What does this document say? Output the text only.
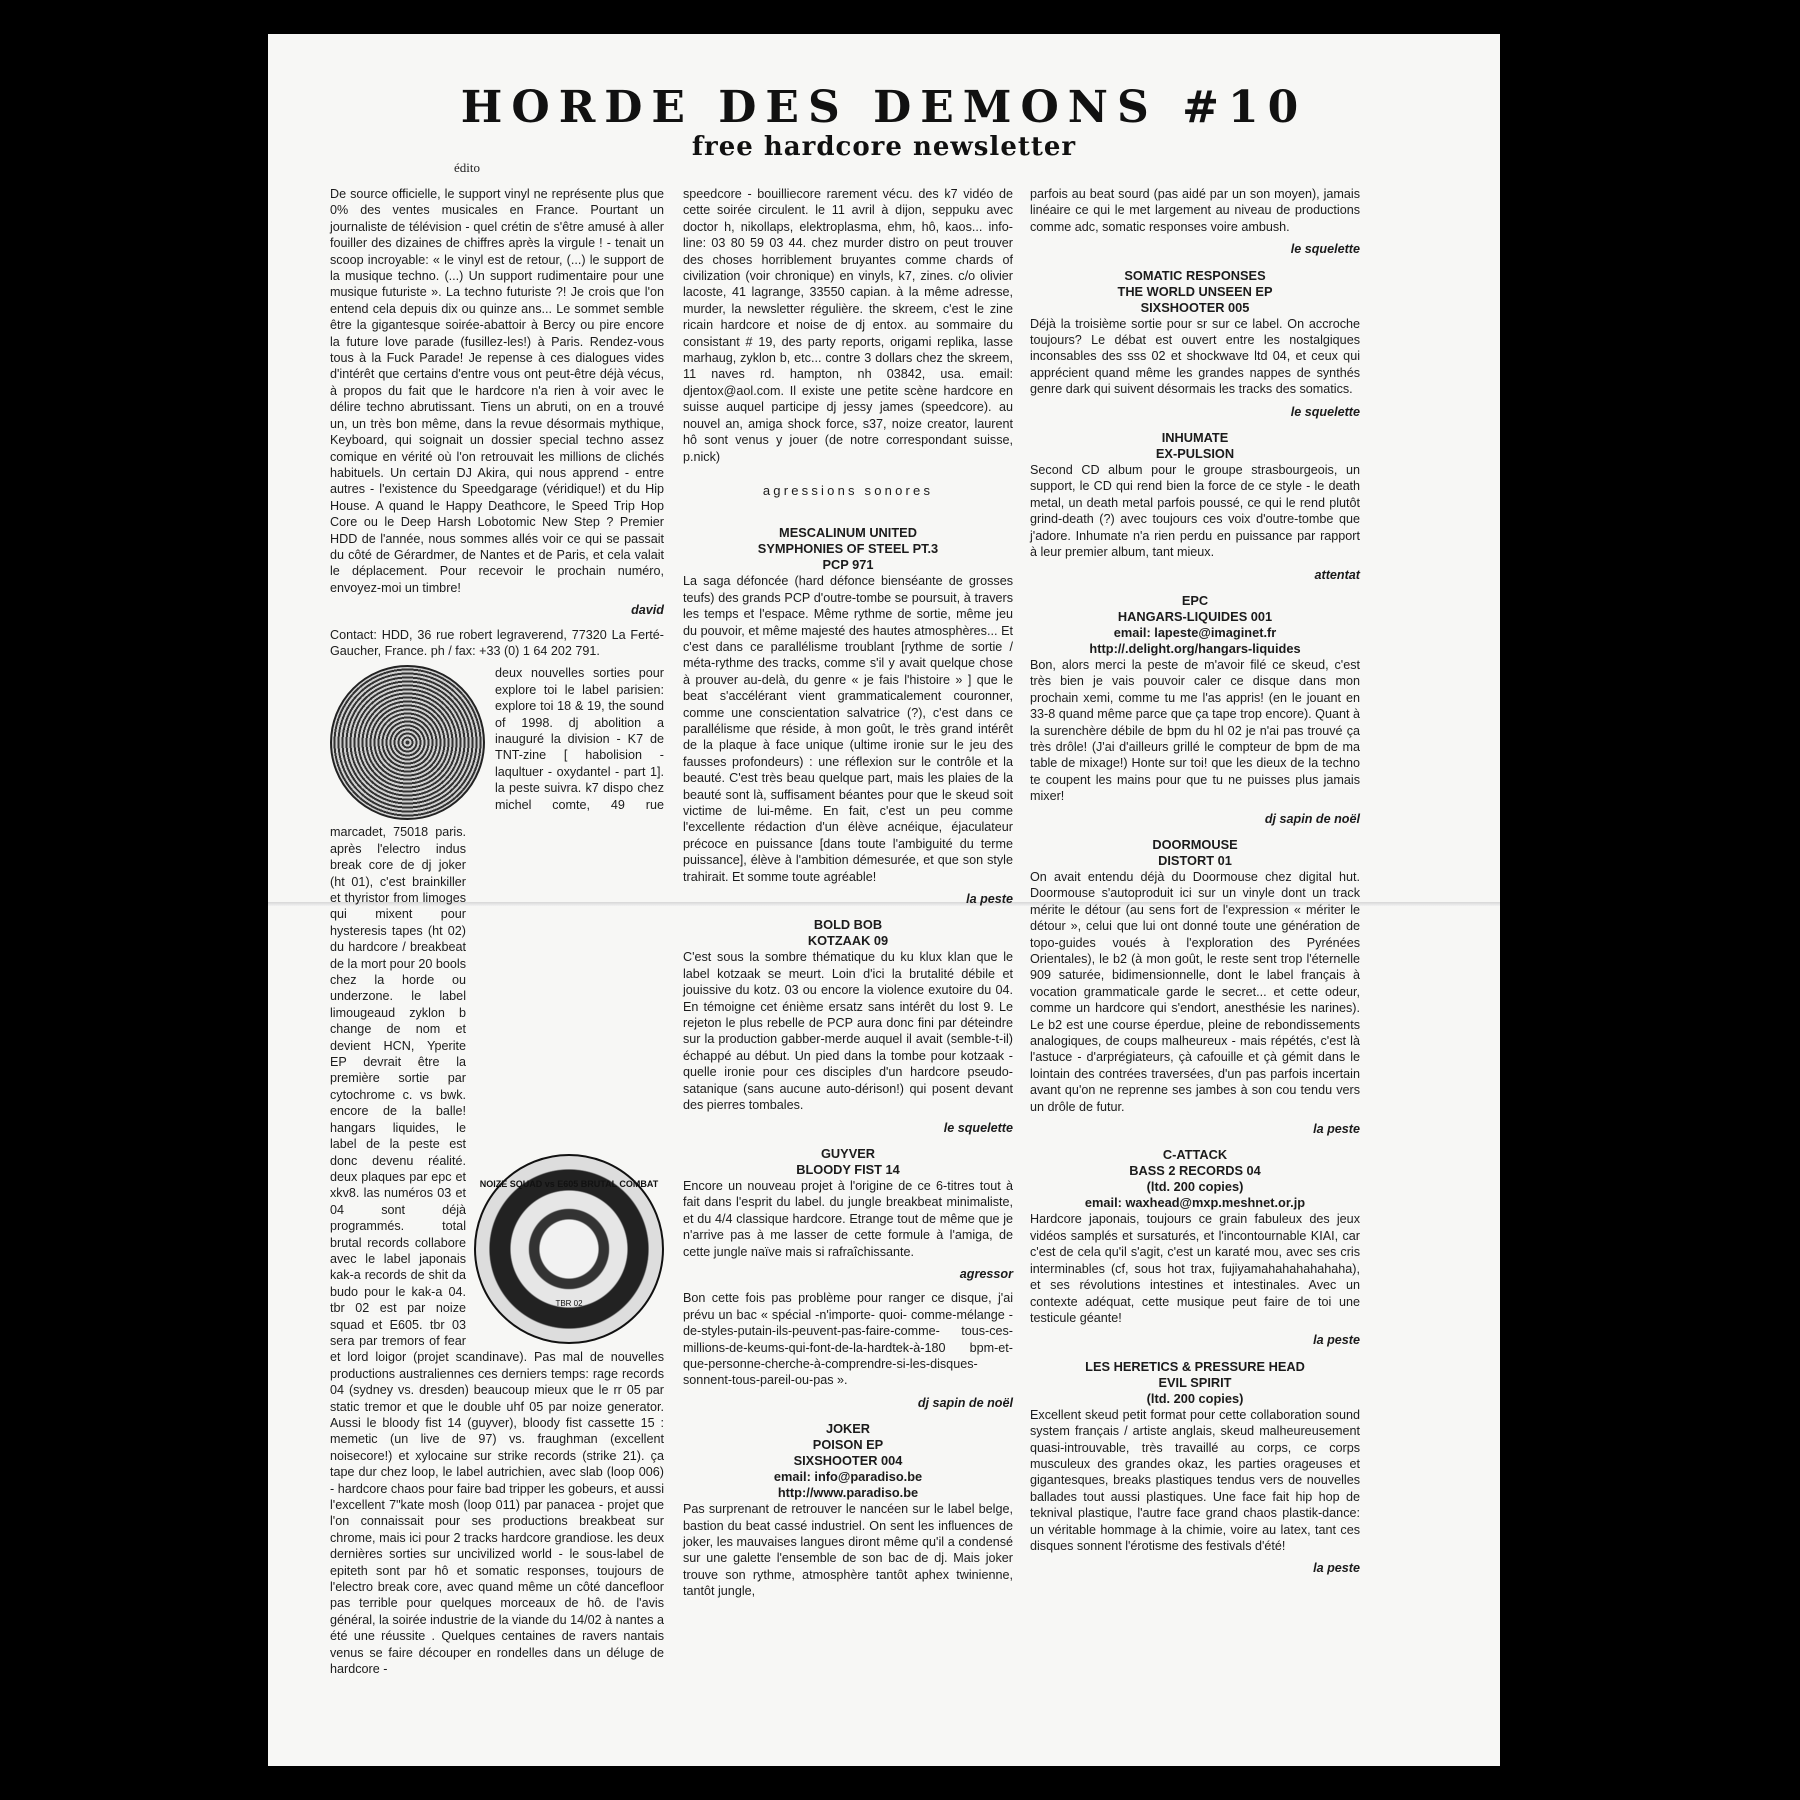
HORDE DES DEMONS #10
free hardcore newsletter
édito

De source officielle, le support vinyl ne représente plus que 0% des ventes musicales en France. Pourtant un journaliste de télévision - quel crétin de s'être amusé à aller fouiller des dizaines de chiffres après la virgule ! - tenait un scoop incroyable: « le vinyl est de retour, (...) le support de la musique techno. (...) Un support rudimentaire pour une musique futuriste ». La techno futuriste ?! Je crois que l'on entend cela depuis dix ou quinze ans... Le sommet semble être la gigantesque soirée-abattoir à Bercy ou pire encore la future love parade (fusillez-les!) à Paris. Rendez-vous tous à la Fuck Parade! Je repense à ces dialogues vides d'intérêt que certains d'entre vous ont peut-être déjà vécus, à propos du fait que le hardcore n'a rien à voir avec le délire techno abrutissant. Tiens un abruti, on en a trouvé un, un très bon même, dans la revue désormais mythique, Keyboard, qui soignait un dossier special techno assez comique en vérité où l'on retrouvait les millions de clichés habituels. Un certain DJ Akira, qui nous apprend - entre autres - l'existence du Speedgarage (véridique!) et du Hip House. A quand le Happy Deathcore, le Speed Trip Hop Core ou le Deep Harsh Lobotomic New Step ? Premier HDD de l'année, nous sommes allés voir ce qui se passait du côté de Gérardmer, de Nantes et de Paris, et cela valait le déplacement. Pour recevoir le prochain numéro, envoyez-moi un timbre!

david

Contact: HDD, 36 rue robert legraverend, 77320 La Ferté-Gaucher, France. ph / fax: +33 (0) 1 64 202 791.

NOIZE SQUAD vs E605 BRUTAL COMBAT
TBR 02

deux nouvelles sorties pour explore toi le label parisien: explore toi 18 & 19, the sound of 1998. dj abolition a inauguré la division - K7 de TNT-zine [ habolision - laqultuer - oxydantel - part 1]. la peste suivra. k7 dispo chez michel comte, 49 rue marcadet, 75018 paris. après l'electro indus break core de dj joker (ht 01), c'est brainkiller et thyristor from limoges qui mixent pour hysteresis tapes (ht 02) du hardcore / breakbeat de la mort pour 20 bools chez la horde ou underzone. le label limougeaud zyklon b change de nom et devient HCN, Yperite EP devrait être la première sortie par cytochrome c. vs bwk. encore de la balle! hangars liquides, le label de la peste est donc devenu réalité. deux plaques par epc et xkv8. las numéros 03 et 04 sont déjà programmés. total brutal records collabore avec le label japonais kak-a records de shit da budo pour le kak-a 04. tbr 02 est par noize squad et E605. tbr 03 sera par tremors of fear et lord loigor (projet scandinave). Pas mal de nouvelles productions australiennes ces derniers temps: rage records 04 (sydney vs. dresden) beaucoup mieux que le rr 05 par static tremor et que le double uhf 05 par noize generator. Aussi le bloody fist 14 (guyver), bloody fist cassette 15 : memetic (un live de 97) vs. fraughman (excellent noisecore!) et xylocaine sur strike records (strike 21). ça tape dur chez loop, le label autrichien, avec slab (loop 006) - hardcore chaos pour faire bad tripper les gobeurs, et aussi l'excellent 7"kate mosh (loop 011) par panacea - projet que l'on connaissait pour ses productions breakbeat sur chrome, mais ici pour 2 tracks hardcore grandiose. les deux dernières sorties sur uncivilized world - le sous-label de epiteth sont par hô et somatic responses, toujours de l'electro break core, avec quand même un côté dancefloor pas terrible pour quelques morceaux de hô. de l'avis général, la soirée industrie de la viande du 14/02 à nantes a été une réussite . Quelques centaines de ravers nantais venus se faire découper en rondelles dans un déluge de hardcore -

speedcore - bouilliecore rarement vécu. des k7 vidéo de cette soirée circulent. le 11 avril à dijon, seppuku avec doctor h, nikollaps, elektroplasma, ehm, hô, kaos... info-line: 03 80 59 03 44. chez murder distro on peut trouver des choses horriblement bruyantes comme chards of civilization (voir chronique) en vinyls, k7, zines. c/o olivier lacoste, 41 lagrange, 33550 capian. à la même adresse, murder, la newsletter régulière. the skreem, c'est le zine ricain hardcore et noise de dj entox. au sommaire du consistant # 19, des party reports, origami replika, lasse marhaug, zyklon b, etc... contre 3 dollars chez the skreem, 11 naves rd. hampton, nh 03842, usa. email: djentox@aol.com. Il existe une petite scène hardcore en suisse auquel participe dj jessy james (speedcore). au nouvel an, amiga shock force, s37, noize creator, laurent hô sont venus y jouer (de notre correspondant suisse, p.nick)

agressions sonores
MESCALINUM UNITED
SYMPHONIES OF STEEL PT.3
PCP 971

La saga défoncée (hard défonce bienséante de grosses teufs) des grands PCP d'outre-tombe se poursuit, à travers les temps et l'espace. Même rythme de sortie, même jeu du pouvoir, et même majesté des hautes atmosphères... Et c'est dans ce parallélisme troublant [rythme de sortie / méta-rythme des tracks, comme s'il y avait quelque chose à prouver au-delà, du genre « je fais l'histoire » ] que le beat s'accélérant vient grammaticalement couronner, comme une conscientation salvatrice (?), c'est dans ce parallélisme que réside, à mon goût, le très grand intérêt de la plaque à face unique (ultime ironie sur le jeu des fausses profondeurs) : une réflexion sur le contrôle et la beauté. C'est très beau quelque part, mais les plaies de la beauté sont là, suffisament béantes pour que le skeud soit victime de lui-même. En fait, c'est un peu comme l'excellente rédaction d'un élève acnéique, éjaculateur précoce en puissance [dans toute l'ambiguité du terme puissance], élève à l'ambition démesurée, et que son style trahirait. Et somme toute agréable!

la peste
BOLD BOB
KOTZAAK 09

C'est sous la sombre thématique du ku klux klan que le label kotzaak se meurt. Loin d'ici la brutalité débile et jouissive du kotz. 03 ou encore la violence exutoire du 04. En témoigne cet énième ersatz sans intérêt du lost 9. Le rejeton le plus rebelle de PCP aura donc fini par déteindre sur la production gabber-merde auquel il avait (semble-t-il) échappé au début. Un pied dans la tombe pour kotzaak - quelle ironie pour ces disciples d'un hardcore pseudo-satanique (sans aucune auto-dérison!) qui posent devant des pierres tombales.

le squelette
GUYVER
BLOODY FIST 14

Encore un nouveau projet à l'origine de ce 6-titres tout à fait dans l'esprit du label. du jungle breakbeat minimaliste, et du 4/4 classique hardcore. Etrange tout de même que je n'arrive pas à me lasser de cette formule à l'amiga, de cette jungle naïve mais si rafraîchissante.

agressor

Bon cette fois pas problème pour ranger ce disque, j'ai prévu un bac « spécial -n'importe- quoi- comme-mélange - de-styles-putain-ils-peuvent-pas-faire-comme- tous-ces-millions-de-keums-qui-font-de-la-hardtek-à-180 bpm-et-que-personne-cherche-à-comprendre-si-les-disques-sonnent-tous-pareil-ou-pas ».

dj sapin de noël
JOKER
POISON EP
SIXSHOOTER 004
email: info@paradiso.be
http://www.paradiso.be

Pas surprenant de retrouver le nancéen sur le label belge, bastion du beat cassé industriel. On sent les influences de joker, les mauvaises langues diront même qu'il a condensé sur une galette l'ensemble de son bac de dj. Mais joker trouve son rythme, atmosphère tantôt aphex twinienne, tantôt jungle,

parfois au beat sourd (pas aidé par un son moyen), jamais linéaire ce qui le met largement au niveau de productions comme adc, somatic responses voire ambush.

le squelette
SOMATIC RESPONSES
THE WORLD UNSEEN EP
SIXSHOOTER 005

Déjà la troisième sortie pour sr sur ce label. On accroche toujours? Le débat est ouvert entre les nostalgiques inconsables des sss 02 et shockwave ltd 04, et ceux qui apprécient quand même les grandes nappes de synthés genre dark qui suivent désormais les tracks des somatics.

le squelette
INHUMATE
EX-PULSION

Second CD album pour le groupe strasbourgeois, un support, le CD qui rend bien la force de ce style - le death metal, un death metal parfois poussé, ce qui le rend plutôt grind-death (?) avec toujours ces voix d'outre-tombe que j'adore. Inhumate n'a rien perdu en puissance par rapport à leur premier album, tant mieux.

attentat
EPC
HANGARS-LIQUIDES 001
email: lapeste@imaginet.fr
http://.delight.org/hangars-liquides

Bon, alors merci la peste de m'avoir filé ce skeud, c'est très bien je vais pouvoir caler ce disque dans mon prochain xemi, comme tu me l'as appris! (en le jouant en 33-8 quand même parce que ça tape trop encore). Quant à la surenchère débile de bpm du hl 02 je n'ai pas trouvé ça très drôle! (J'ai d'ailleurs grillé le compteur de bpm de ma table de mixage!) Honte sur toi! que les dieux de la techno te coupent les mains pour que tu ne puisses plus jamais mixer!

dj sapin de noël
DOORMOUSE
DISTORT 01

On avait entendu déjà du Doormouse chez digital hut. Doormouse s'autoproduit ici sur un vinyle dont un track mérite le détour (au sens fort de l'expression « mériter le détour », celui que lui ont donné toute une génération de topo-guides voués à l'exploration des Pyrénées Orientales), le b2 (à mon goût, le reste sent trop l'éternelle 909 saturée, bidimensionnelle, dont le label français à vocation grammaticale garde le secret... et cette odeur, comme un hardcore qui s'endort, anesthésie les narines). Le b2 est une course éperdue, pleine de rebondissements analogiques, de coups malheureux - mais répétés, c'est là l'astuce - d'arprégiateurs, çà cafouille et çà gémit dans le lointain des contrées traversées, d'un pas parfois incertain avant qu'on ne reprenne ses jambes à son cou tendu vers un drôle de futur.

la peste
C-ATTACK
BASS 2 RECORDS 04
(ltd. 200 copies)
email: waxhead@mxp.meshnet.or.jp

Hardcore japonais, toujours ce grain fabuleux des jeux vidéos samplés et sursaturés, et l'incontournable KIAI, car c'est de cela qu'il s'agit, c'est un karaté mou, avec ses cris interminables (cf, sous hot trax, fujiyamahahahahahaha), et ses révolutions intestines et intestinales. Avec un contexte adéquat, cette musique peut faire de toi une testicule géante!

la peste
LES HERETICS & PRESSURE HEAD
EVIL SPIRIT
(ltd. 200 copies)

Excellent skeud petit format pour cette collaboration sound system français / artiste anglais, skeud malheureusement quasi-introuvable, très travaillé au corps, ce corps musculeux des grandes okaz, les parties orageuses et gigantesques, breaks plastiques tendus vers de nouvelles ballades tout aussi plastiques. Une face fait hip hop de teknival plastique, l'autre face grand chaos plastik-dance: un véritable hommage à la chimie, voire au latex, tant ces disques sonnent l'érotisme des festivals d'été!

la peste
